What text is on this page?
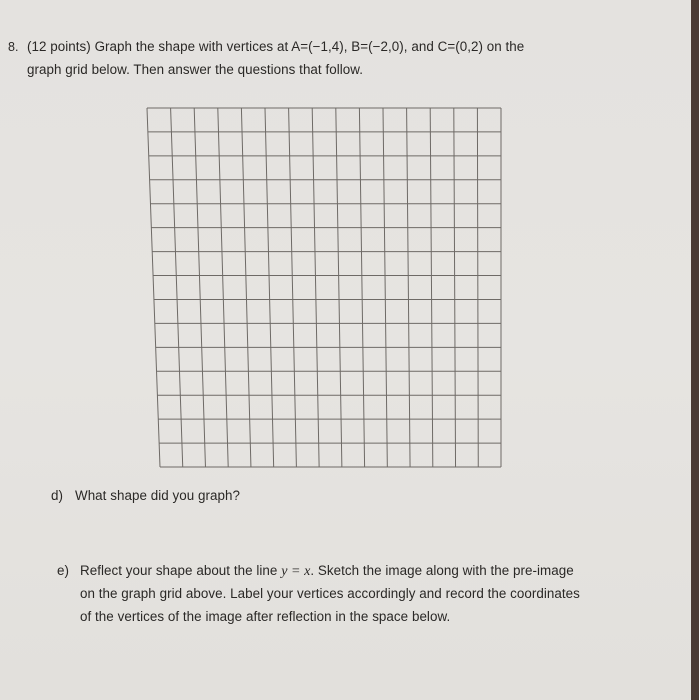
8. (12 points) Graph the shape with vertices at A=(−1,4), B=(−2,0), and C=(0,2) on the
graph grid below. Then answer the questions that follow.
d) What shape did you graph?
e) Reflect your shape about the line y = x. Sketch the image along with the pre-image
on the graph grid above. Label your vertices accordingly and record the coordinates
of the vertices of the image after reflection in the space below.
